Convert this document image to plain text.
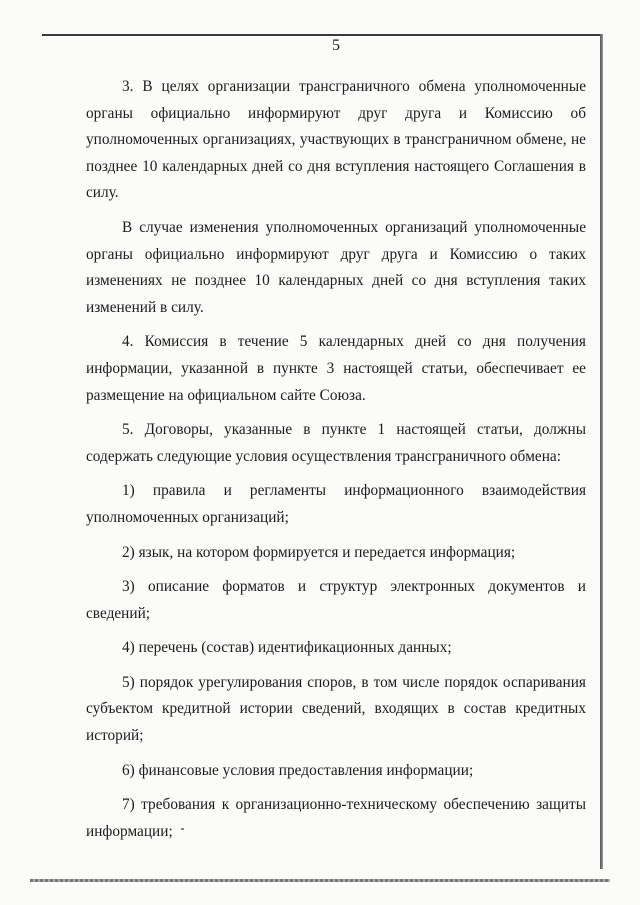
5

3. В целях организации трансграничного обмена уполномоченные органы официально информируют друг друга и Комиссию об уполномоченных организациях, участвующих в трансграничном обмене, не позднее 10 календарных дней со дня вступления настоящего Соглашения в силу.

В случае изменения уполномоченных организаций уполномоченные органы официально информируют друг друга и Комиссию о таких изменениях не позднее 10 календарных дней со дня вступления таких изменений в силу.

4. Комиссия в течение 5 календарных дней со дня получения информации, указанной в пункте 3 настоящей статьи, обеспечивает ее размещение на официальном сайте Союза.

5. Договоры, указанные в пункте 1 настоящей статьи, должны содержать следующие условия осуществления трансграничного обмена:

1) правила и регламенты информационного взаимодействия уполномоченных организаций;

2) язык, на котором формируется и передается информация;

3) описание форматов и структур электронных документов и сведений;

4) перечень (состав) идентификационных данных;

5) порядок урегулирования споров, в том числе порядок оспаривания субъектом кредитной истории сведений, входящих в состав кредитных историй;

6) финансовые условия предоставления информации;

7) требования к организационно-техническому обеспечению защиты информации;
